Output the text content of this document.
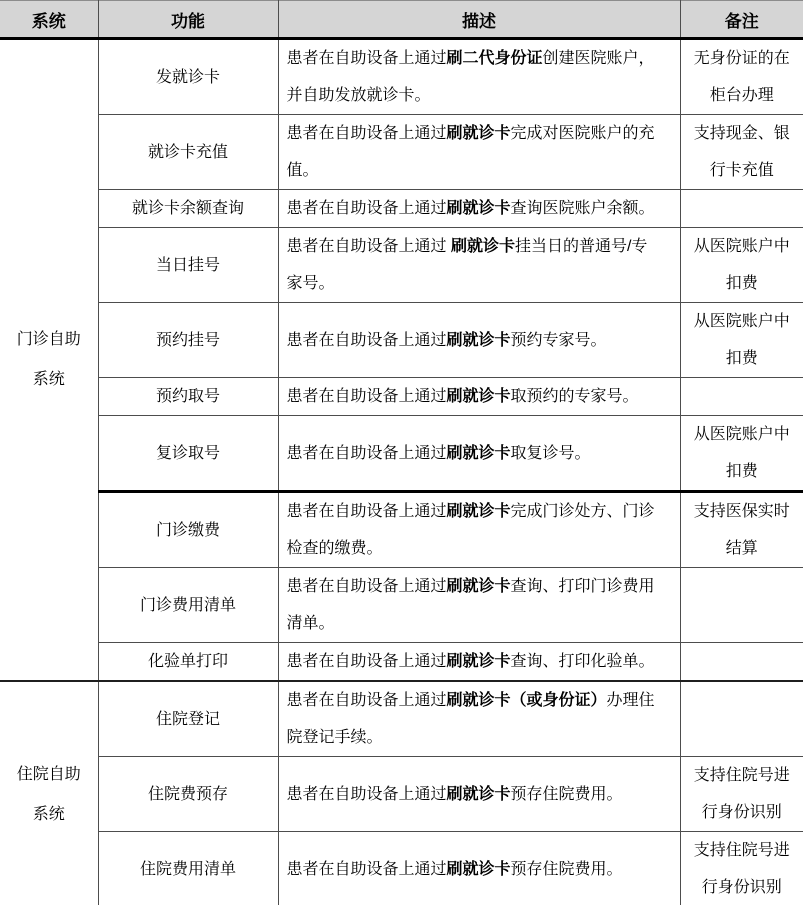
系统	功能	描述	备注

门诊自助系统	发就诊卡	患者在自助设备上通过刷二代身份证创建医院账户，并自助发放就诊卡。	无身份证的在柜台办理
	就诊卡充值	患者在自助设备上通过刷就诊卡完成对医院账户的充值。	支持现金、银行卡充值
	就诊卡余额查询	患者在自助设备上通过刷就诊卡查询医院账户余额。	
	当日挂号	患者在自助设备上通过 刷就诊卡挂当日的普通号/专家号。	从医院账户中扣费
	预约挂号	患者在自助设备上通过刷就诊卡预约专家号。	从医院账户中扣费
	预约取号	患者在自助设备上通过刷就诊卡取预约的专家号。	
	复诊取号	患者在自助设备上通过刷就诊卡取复诊号。	从医院账户中扣费
	门诊缴费	患者在自助设备上通过刷就诊卡完成门诊处方、门诊检查的缴费。	支持医保实时结算
	门诊费用清单	患者在自助设备上通过刷就诊卡查询、打印门诊费用清单。	
	化验单打印	患者在自助设备上通过刷就诊卡查询、打印化验单。	

住院自助系统	住院登记	患者在自助设备上通过刷就诊卡（或身份证）办理住院登记手续。	
	住院费预存	患者在自助设备上通过刷就诊卡预存住院费用。	支持住院号进行身份识别
	住院费用清单	患者在自助设备上通过刷就诊卡预存住院费用。	支持住院号进行身份识别
